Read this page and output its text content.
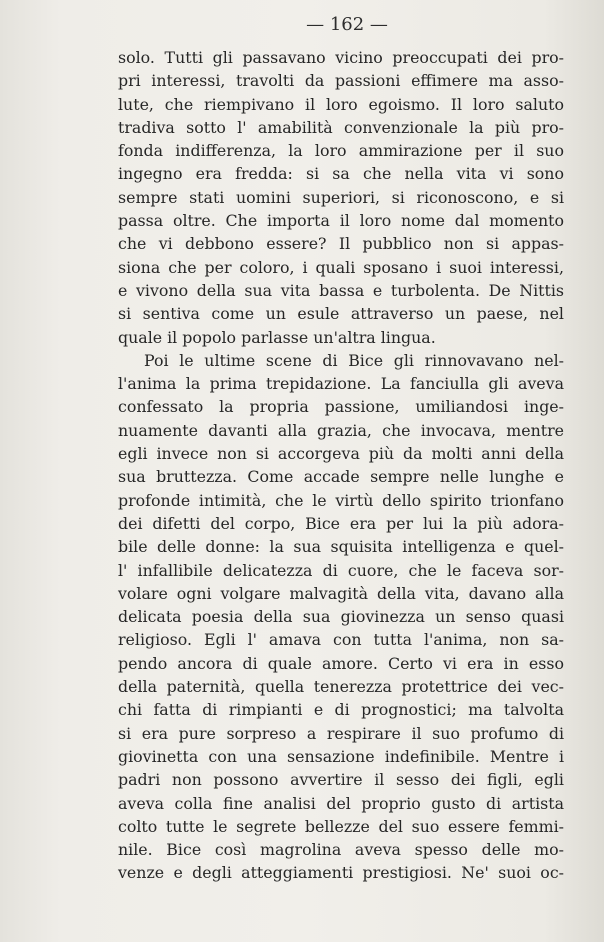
— 162 —

solo. Tutti gli passavano vicino preoccupati dei pro-
pri interessi, travolti da passioni effimere ma asso-
lute, che riempivano il loro egoismo. Il loro saluto
tradiva sotto l' amabilità convenzionale la più pro-
fonda indifferenza, la loro ammirazione per il suo
ingegno era fredda: si sa che nella vita vi sono
sempre stati uomini superiori, si riconoscono, e si
passa oltre. Che importa il loro nome dal momento
che vi debbono essere? Il pubblico non si appas-
siona che per coloro, i quali sposano i suoi interessi,
e vivono della sua vita bassa e turbolenta. De Nittis
si sentiva come un esule attraverso un paese, nel
quale il popolo parlasse un'altra lingua.
Poi le ultime scene di Bice gli rinnovavano nel-
l'anima la prima trepidazione. La fanciulla gli aveva
confessato la propria passione, umiliandosi inge-
nuamente davanti alla grazia, che invocava, mentre
egli invece non si accorgeva più da molti anni della
sua bruttezza. Come accade sempre nelle lunghe e
profonde intimità, che le virtù dello spirito trionfano
dei difetti del corpo, Bice era per lui la più adora-
bile delle donne: la sua squisita intelligenza e quel-
l' infallibile delicatezza di cuore, che le faceva sor-
volare ogni volgare malvagità della vita, davano alla
delicata poesia della sua giovinezza un senso quasi
religioso. Egli l' amava con tutta l'anima, non sa-
pendo ancora di quale amore. Certo vi era in esso
della paternità, quella tenerezza protettrice dei vec-
chi fatta di rimpianti e di prognostici; ma talvolta
si era pure sorpreso a respirare il suo profumo di
giovinetta con una sensazione indefinibile. Mentre i
padri non possono avvertire il sesso dei figli, egli
aveva colla fine analisi del proprio gusto di artista
colto tutte le segrete bellezze del suo essere femmi-
nile. Bice così magrolina aveva spesso delle mo-
venze e degli atteggiamenti prestigiosi. Ne' suoi oc-
